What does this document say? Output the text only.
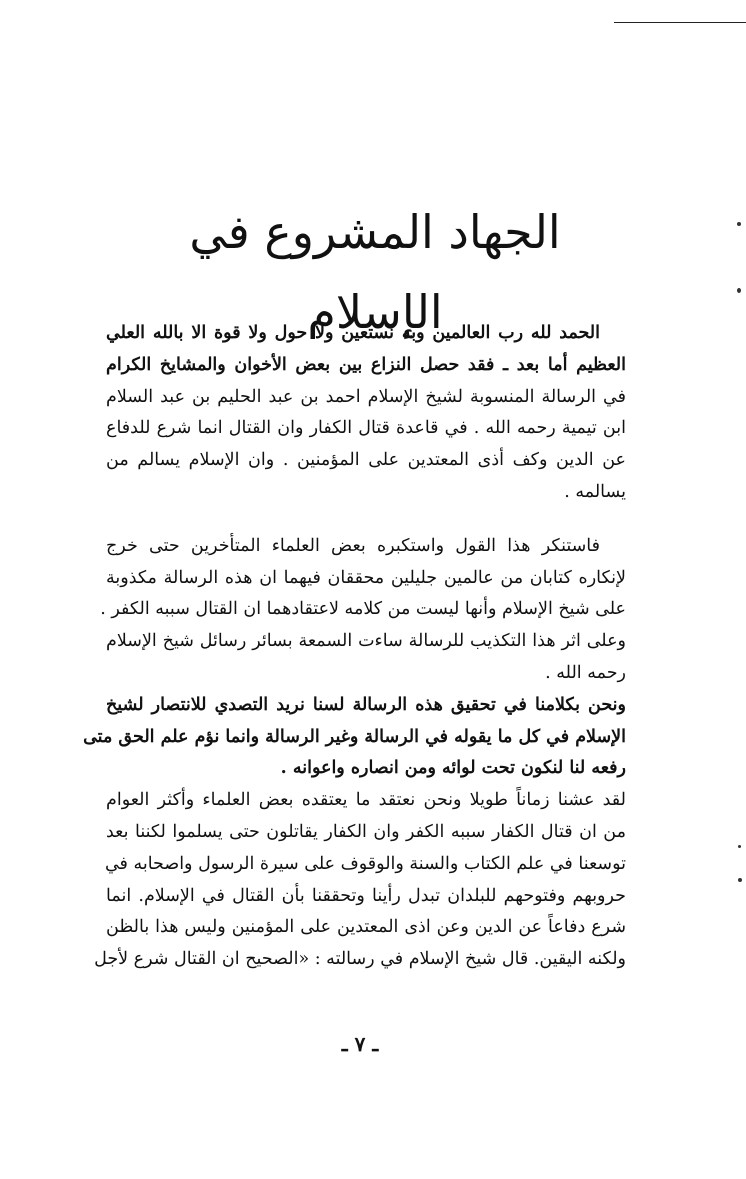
الجهاد المشروع في الإسلام
الحمد لله رب العالمين وبه نستعين ولا حول ولا قوة الا بالله العلي
العظيم أما بعد ـ فقد حصل النزاع بين بعض الأخوان والمشايخ الكرام
في الرسالة المنسوبة لشيخ الإسلام احمد بن عبد الحليم بن عبد السلام
ابن تيمية رحمه الله . في قاعدة قتال الكفار وان القتال انما شرع للدفاع
عن الدين وكف أذى المعتدين على المؤمنين . وان الإسلام يسالم من
يسالمه .
فاستنكر هذا القول واستكبره بعض العلماء المتأخرين حتى خرج
لإنكاره كتابان من عالمين جليلين محققان فيهما ان هذه الرسالة مكذوبة
على شيخ الإسلام وأنها ليست من كلامه لاعتقادهما ان القتال سببه الكفر .
وعلى اثر هذا التكذيب للرسالة ساءت السمعة بسائر رسائل شيخ الإسلام
رحمه الله .
ونحن بكلامنا في تحقيق هذه الرسالة لسنا نريد التصدي للانتصار لشيخ
الإسلام في كل ما يقوله في الرسالة وغير الرسالة وانما نؤم علم الحق متى
رفعه لنا لنكون تحت لوائه ومن انصاره واعوانه .
لقد عشنا زماناً طويلا ونحن نعتقد ما يعتقده بعض العلماء وأكثر العوام
من ان قتال الكفار سببه الكفر وان الكفار يقاتلون حتى يسلموا لكننا بعد
توسعنا في علم الكتاب والسنة والوقوف على سيرة الرسول واصحابه في
حروبهم وفتوحهم للبلدان تبدل رأينا وتحققنا بأن القتال في الإسلام. انما
شرع دفاعاً عن الدين وعن اذى المعتدين على المؤمنين وليس هذا بالظن
ولكنه اليقين. قال شيخ الإسلام في رسالته : «الصحيح ان القتال شرع لأجل
ـ ٧ ـ
